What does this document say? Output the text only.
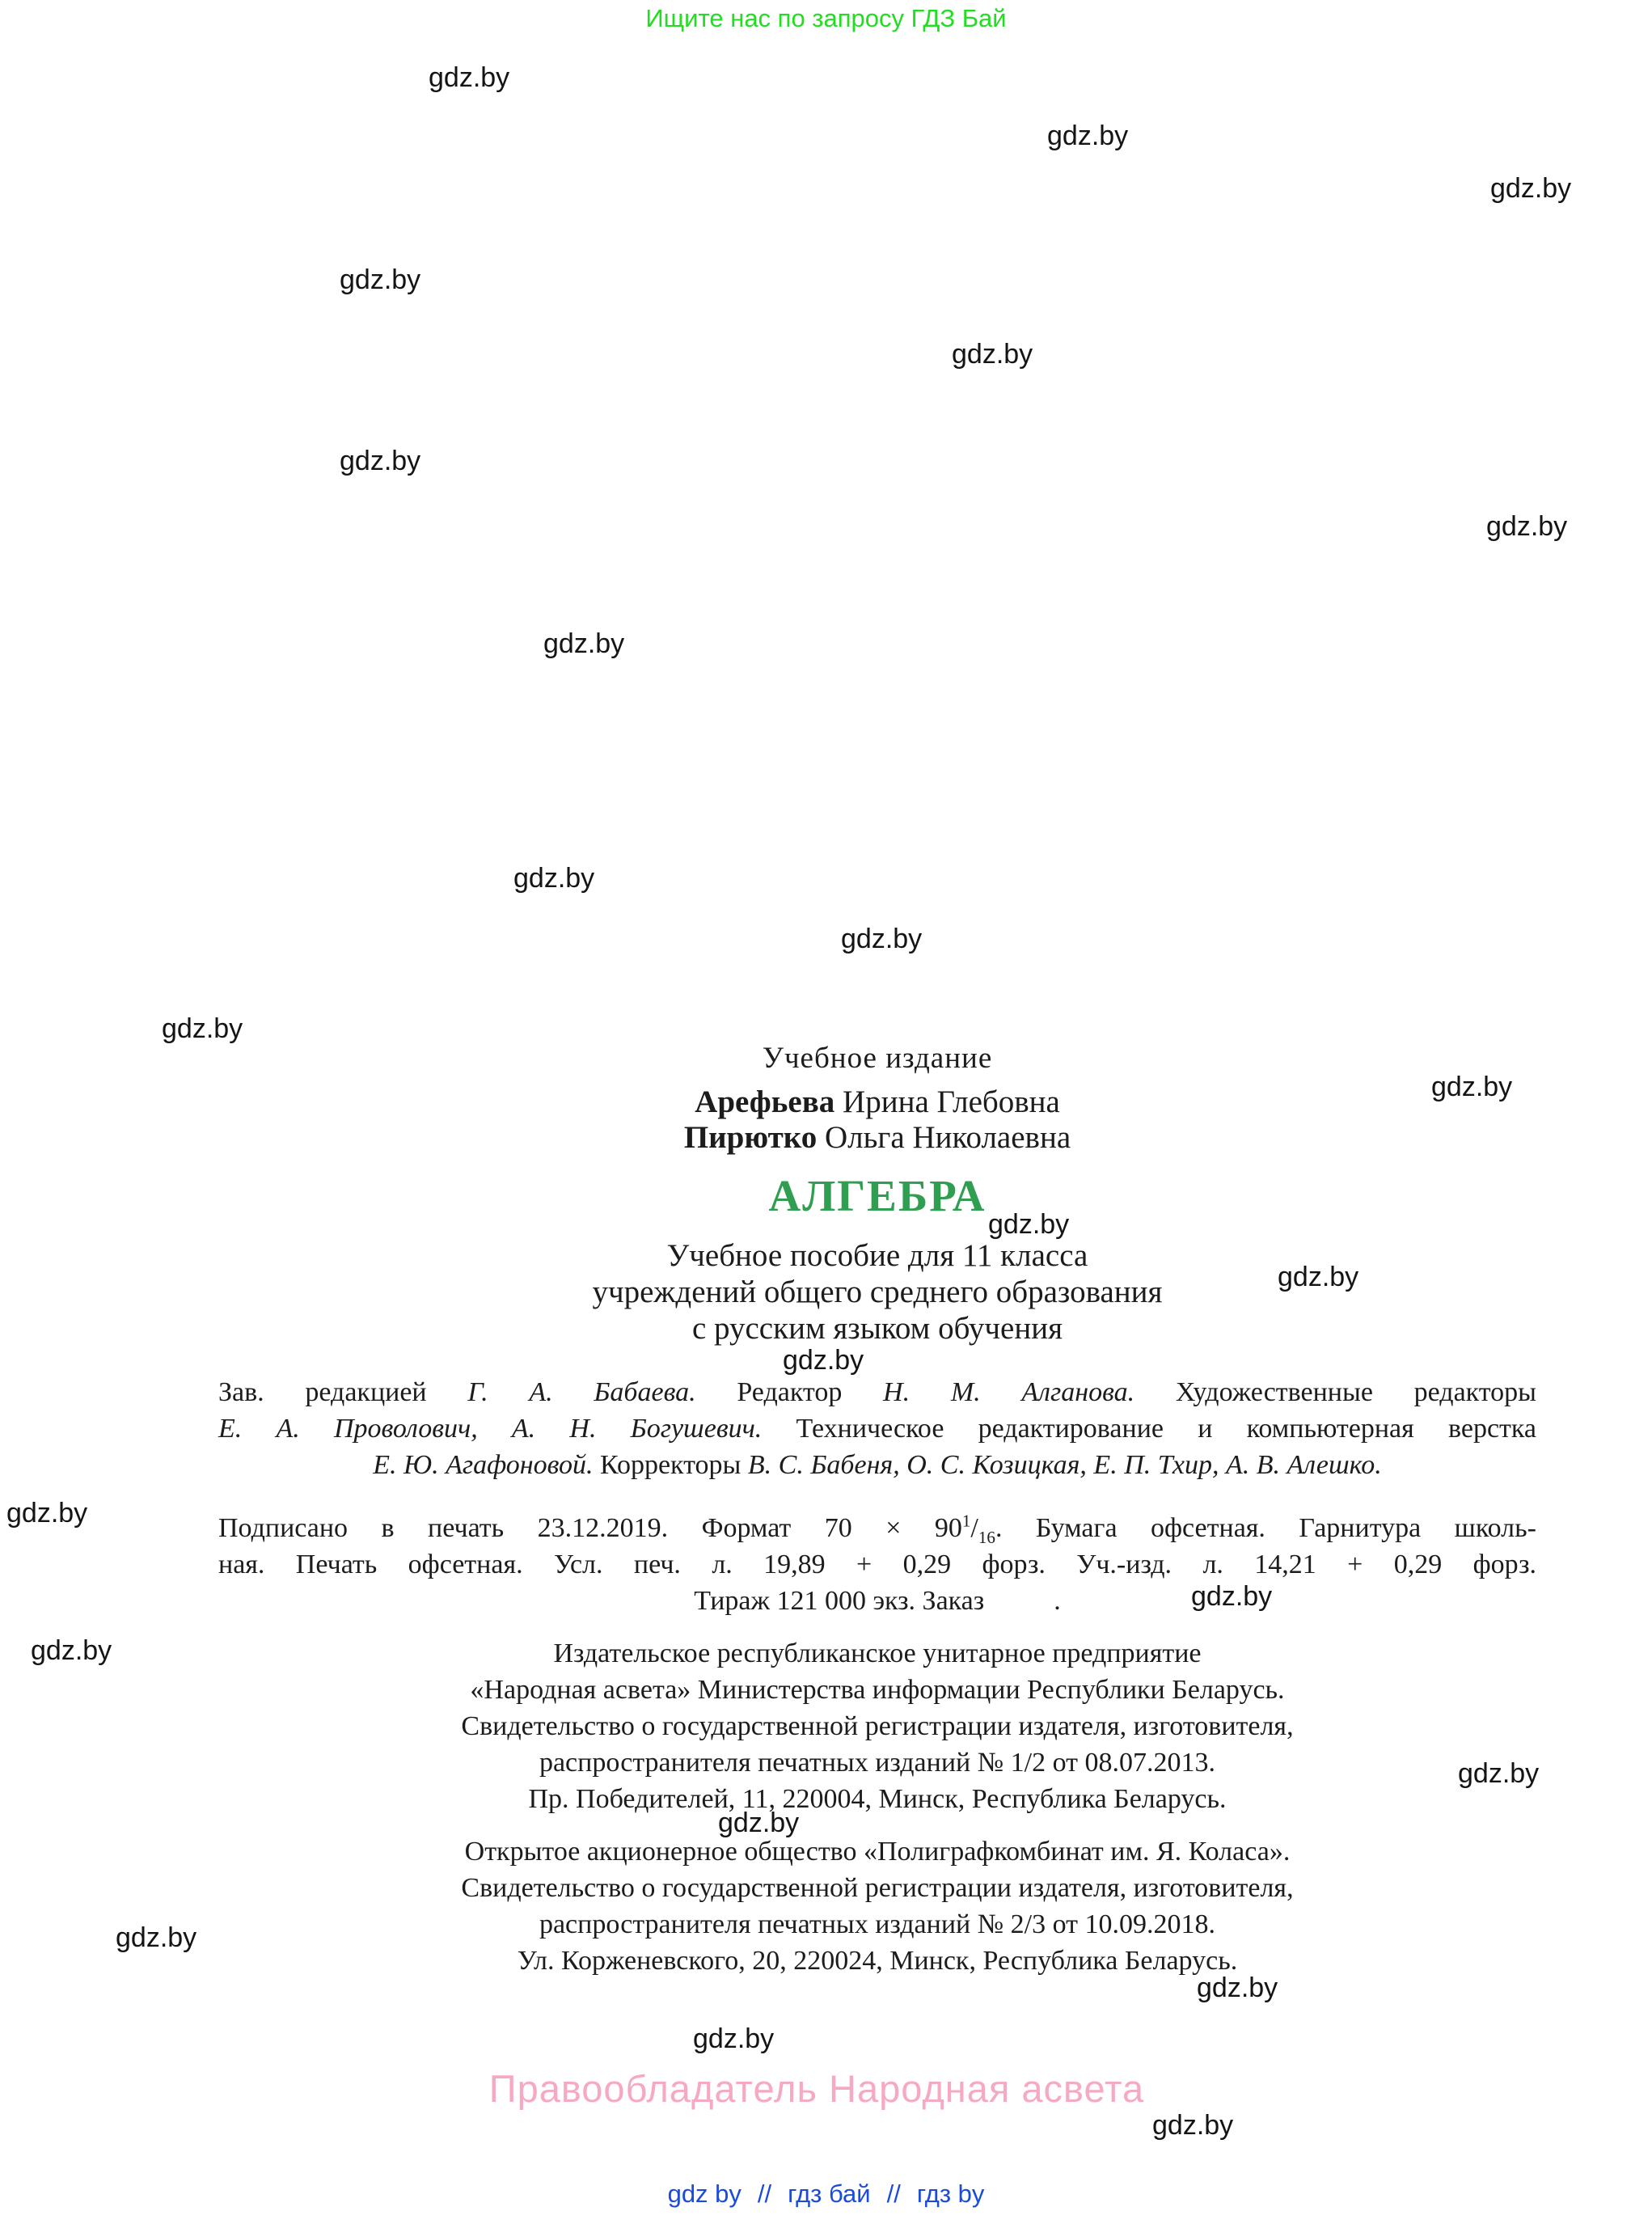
Ищите нас по запросу ГДЗ Бай
gdz.by
gdz.by
gdz.by
gdz.by
gdz.by
gdz.by
gdz.by
gdz.by
gdz.by
gdz.by
gdz.by
gdz.by
gdz.by
gdz.by
gdz.by
gdz.by
gdz.by
gdz.by
gdz.by
gdz.by
gdz.by
gdz.by
gdz.by
gdz.by
Учебное издание
Арефьева Ирина Глебовна
Пирютко Ольга Николаевна
АЛГЕБРА
Учебное пособие для 11 класса
учреждений общего среднего образования
с русским языком обучения

Зав. редакцией Г. А. Бабаева. Редактор Н. М. Алганова. Художественные редакторы

Е. А. Проволович, А. Н. Богушевич. Техническое редактирование и компьютерная верстка

Е. Ю. Агафоновой. Корректоры В. С. Бабеня, О. С. Козицкая, Е. П. Тхир, А. В. Алешко.

Подписано в печать 23.12.2019. Формат $70 \times 90^1/_{16}$. Бумага офсетная. Гарнитура школь-

ная. Печать офсетная. Усл. печ. л. 19,89 + 0,29 форз. Уч.-изд. л. 14,21 + 0,29 форз.

Тираж 121 000 экз. Заказ	.

Издательское республиканское унитарное предприятие
«Народная асвета» Министерства информации Республики Беларусь.
Свидетельство о государственной регистрации издателя, изготовителя,
распространителя печатных изданий № 1/2 от 08.07.2013.
Пр. Победителей, 11, 220004, Минск, Республика Беларусь.
Открытое акционерное общество «Полиграфкомбинат им. Я. Коласа».
Свидетельство о государственной регистрации издателя, изготовителя,
распространителя печатных изданий № 2/3 от 10.09.2018.
Ул. Корженевского, 20, 220024, Минск, Республика Беларусь.
Правообладатель Народная асвета
gdz by // гдз бай // гдз by
